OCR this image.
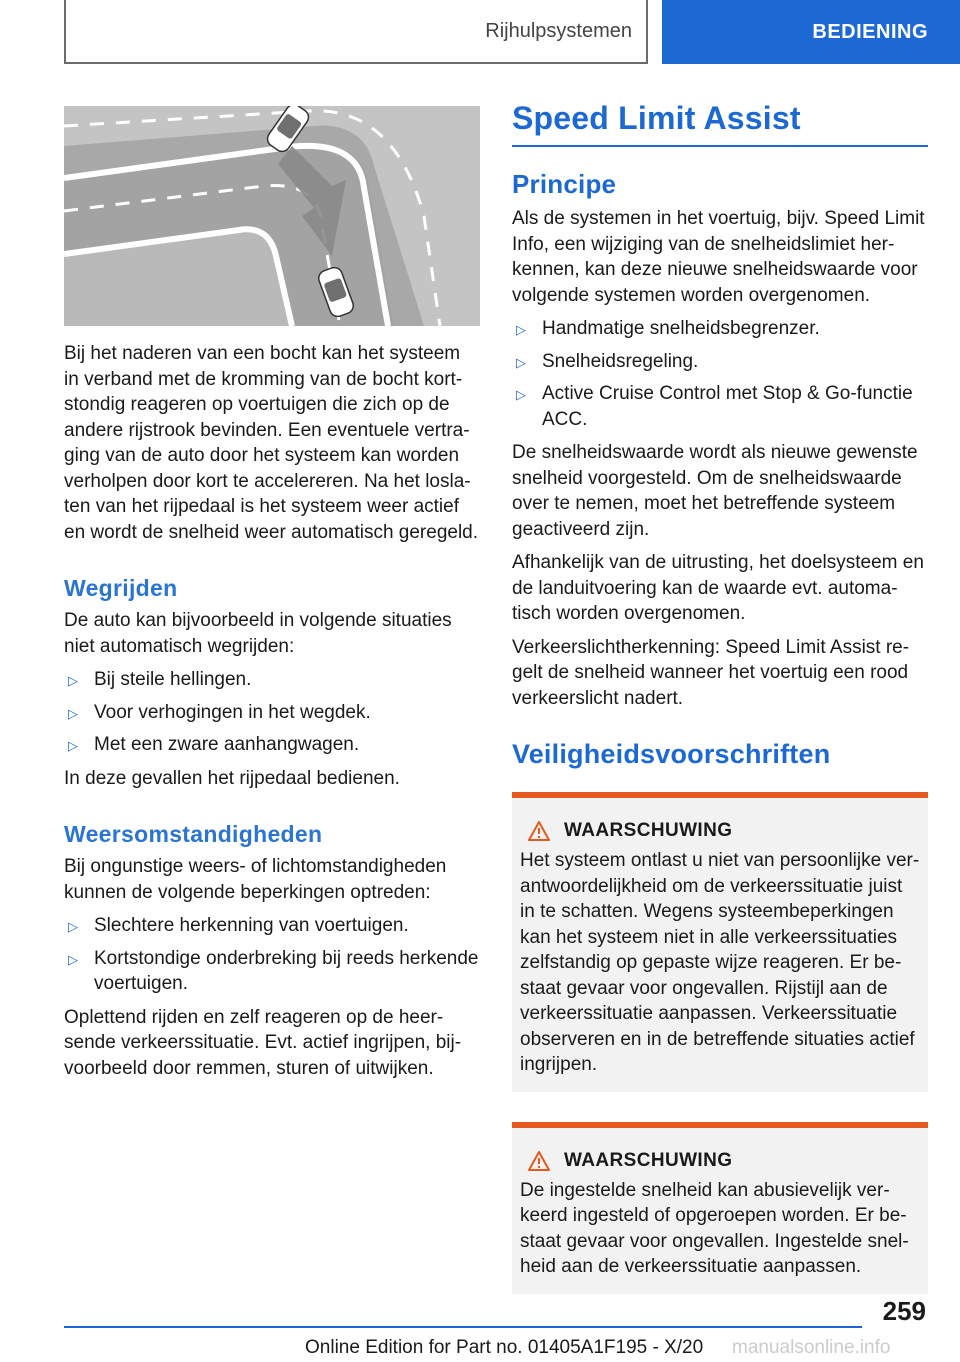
Rijhulpsystemen	BEDIENING

Bij het naderen van een bocht kan het systeem in verband met de kromming van de bocht kortstondig reageren op voertuigen die zich op de andere rijstrook bevinden. Een eventuele vertraging van de auto door het systeem kan worden verholpen door kort te accelereren. Na het loslaten van het rijpedaal is het systeem weer actief en wordt de snelheid weer automatisch geregeld.

Wegrijden

De auto kan bijvoorbeeld in volgende situaties niet automatisch wegrijden:

▷ Bij steile hellingen.
▷ Voor verhogingen in het wegdek.
▷ Met een zware aanhangwagen.

In deze gevallen het rijpedaal bedienen.

Weersomstandigheden

Bij ongunstige weers- of lichtomstandigheden kunnen de volgende beperkingen optreden:

▷ Slechtere herkenning van voertuigen.
▷ Kortstondige onderbreking bij reeds herkende voertuigen.

Oplettend rijden en zelf reageren op de heersende verkeerssituatie. Evt. actief ingrijpen, bijvoorbeeld door remmen, sturen of uitwijken.

Speed Limit Assist
Principe

Als de systemen in het voertuig, bijv. Speed Limit Info, een wijziging van de snelheidslimiet herkennen, kan deze nieuwe snelheidswaarde voor volgende systemen worden overgenomen.

▷ Handmatige snelheidsbegrenzer.
▷ Snelheidsregeling.
▷ Active Cruise Control met Stop & Go-functie ACC.

De snelheidswaarde wordt als nieuwe gewenste snelheid voorgesteld. Om de snelheidswaarde over te nemen, moet het betreffende systeem geactiveerd zijn.

Afhankelijk van de uitrusting, het doelsysteem en de landuitvoering kan de waarde evt. automatisch worden overgenomen.

Verkeerslichtherkenning: Speed Limit Assist regelt de snelheid wanneer het voertuig een rood verkeerslicht nadert.

Veiligheidsvoorschriften
WAARSCHUWING

Het systeem ontlast u niet van persoonlijke verantwoordelijkheid om de verkeerssituatie juist in te schatten. Wegens systeembeperkingen kan het systeem niet in alle verkeerssituaties zelfstandig op gepaste wijze reageren. Er bestaat gevaar voor ongevallen. Rijstijl aan de verkeerssituatie aanpassen. Verkeerssituatie observeren en in de betreffende situaties actief ingrijpen.

WAARSCHUWING

De ingestelde snelheid kan abusievelijk verkeerd ingesteld of opgeroepen worden. Er bestaat gevaar voor ongevallen. Ingestelde snelheid aan de verkeerssituatie aanpassen.

259
Online Edition for Part no. 01405A1F195 - X/20 manualsonline.info
